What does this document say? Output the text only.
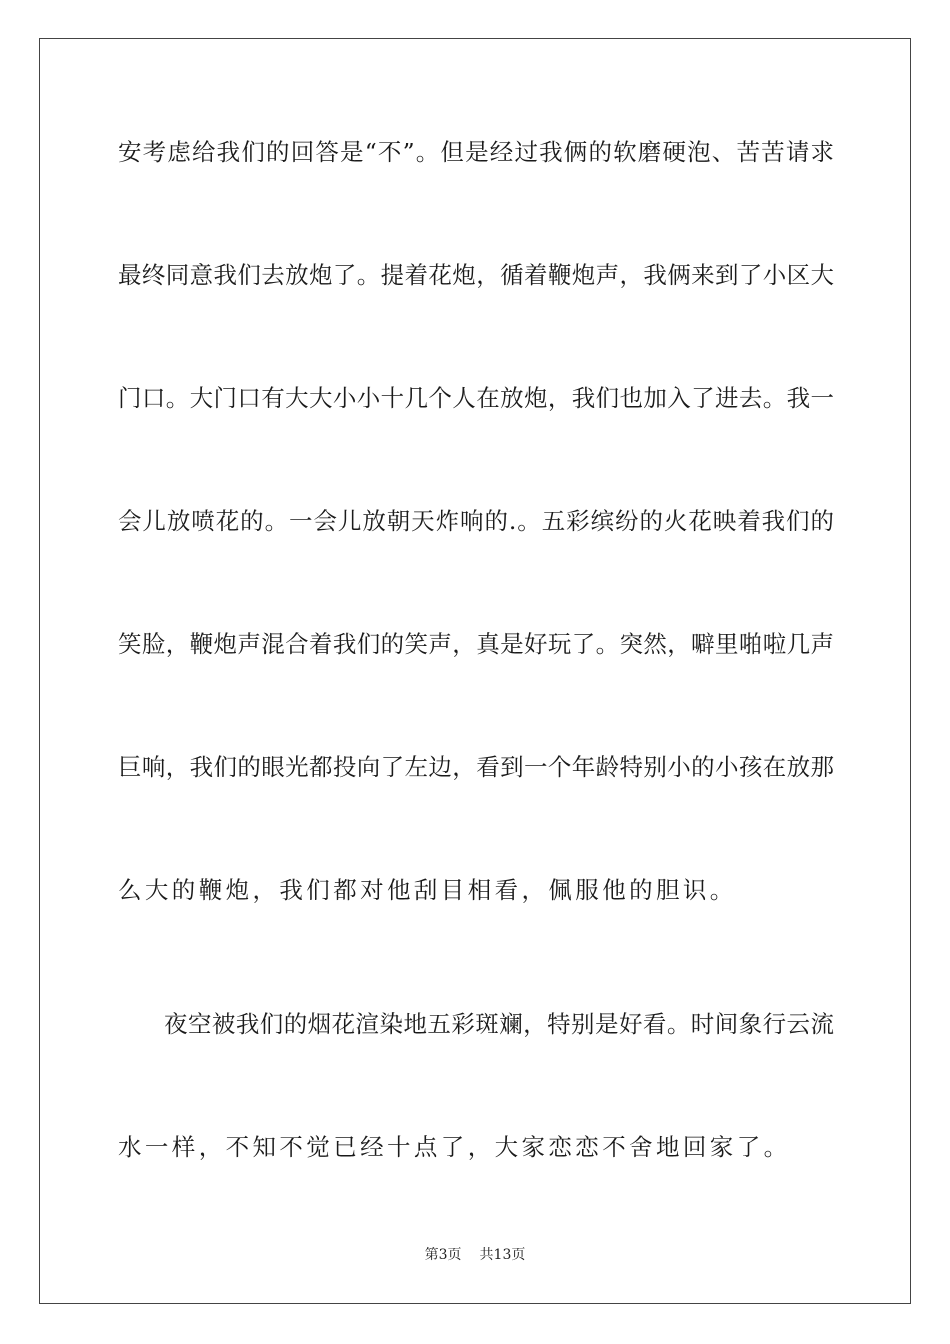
安考虑给我们的回答是“不”。但是经过我俩的软磨硬泡、苦苦请求
最终同意我们去放炮了。提着花炮，循着鞭炮声，我俩来到了小区大
门口。大门口有大大小小十几个人在放炮，我们也加入了进去。我一
会儿放喷花的。一会儿放朝天炸响的.。五彩缤纷的火花映着我们的
笑脸，鞭炮声混合着我们的笑声，真是好玩了。突然，噼里啪啦几声
巨响，我们的眼光都投向了左边，看到一个年龄特别小的小孩在放那
么大的鞭炮，我们都对他刮目相看，佩服他的胆识。
夜空被我们的烟花渲染地五彩斑斓，特别是好看。时间象行云流
水一样，不知不觉已经十点了，大家恋恋不舍地回家了。
第3页 共13页
